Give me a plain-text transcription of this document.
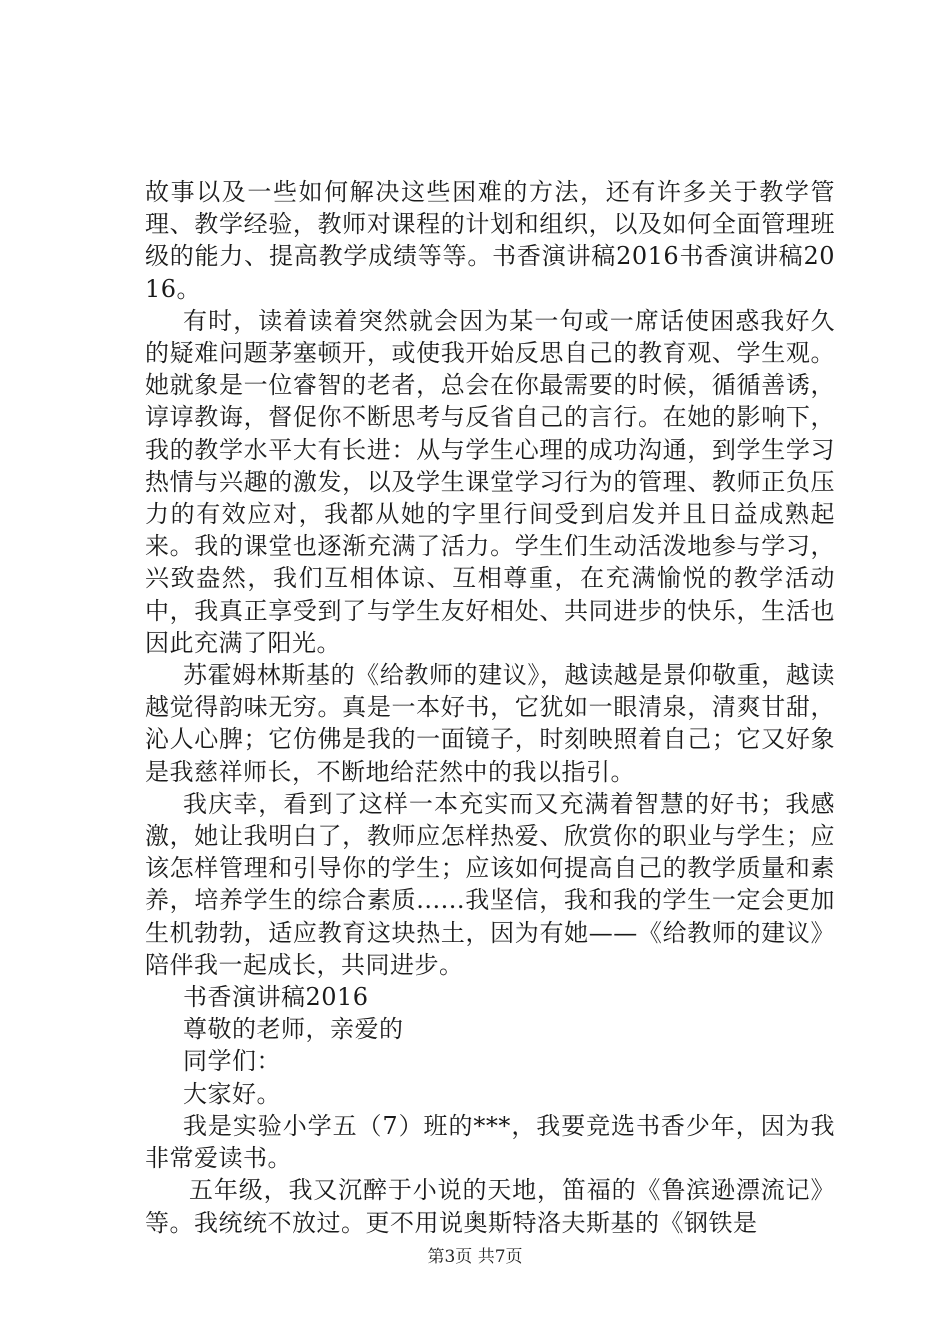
故事以及一些如何解决这些困难的方法，还有许多关于教学管理、教学经验，教师对课程的计划和组织，以及如何全面管理班级的能力、提高教学成绩等等。书香演讲稿2016书香演讲稿2016。

有时，读着读着突然就会因为某一句或一席话使困惑我好久的疑难问题茅塞顿开，或使我开始反思自己的教育观、学生观。她就象是一位睿智的老者，总会在你最需要的时候，循循善诱，谆谆教诲，督促你不断思考与反省自己的言行。在她的影响下，我的教学水平大有长进：从与学生心理的成功沟通，到学生学习热情与兴趣的激发，以及学生课堂学习行为的管理、教师正负压力的有效应对，我都从她的字里行间受到启发并且日益成熟起来。我的课堂也逐渐充满了活力。学生们生动活泼地参与学习，兴致盎然，我们互相体谅、互相尊重，在充满愉悦的教学活动中，我真正享受到了与学生友好相处、共同进步的快乐，生活也因此充满了阳光。

苏霍姆林斯基的《给教师的建议》，越读越是景仰敬重，越读越觉得韵味无穷。真是一本好书，它犹如一眼清泉，清爽甘甜，沁人心脾；它仿佛是我的一面镜子，时刻映照着自己；它又好象是我慈祥师长，不断地给茫然中的我以指引。

我庆幸，看到了这样一本充实而又充满着智慧的好书；我感激，她让我明白了，教师应怎样热爱、欣赏你的职业与学生；应该怎样管理和引导你的学生；应该如何提高自己的教学质量和素养，培养学生的综合素质......我坚信，我和我的学生一定会更加生机勃勃，适应教育这块热土，因为有她——《给教师的建议》陪伴我一起成长，共同进步。

书香演讲稿2016

尊敬的老师，亲爱的

同学们：

大家好。

我是实验小学五（7）班的***，我要竞选书香少年，因为我非常爱读书。

五年级，我又沉醉于小说的天地，笛福的《鲁滨逊漂流记》等。我统统不放过。更不用说奥斯特洛夫斯基的《钢铁是

第3页 共7页
